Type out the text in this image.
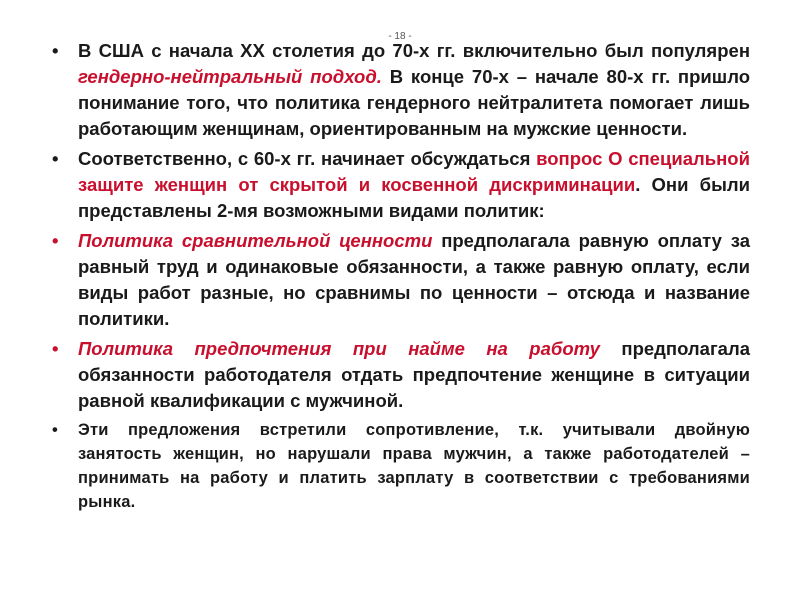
- 18 -
• В США с начала XX столетия до 70-х гг. включительно был популярен гендерно-нейтральный подход. В конце 70-х – начале 80-х гг. пришло понимание того, что политика гендерного нейтралитета помогает лишь работающим женщинам, ориентированным на мужские ценности.
• Соответственно, с 60-х гг. начинает обсуждаться вопрос О специальной защите женщин от скрытой и косвенной дискриминации. Они были представлены 2-мя возможными видами политик:
• Политика сравнительной ценности предполагала равную оплату за равный труд и одинаковые обязанности, а также равную оплату, если виды работ разные, но сравнимы по ценности – отсюда и название политики.
• Политика предпочтения при найме на работу предполагала обязанности работодателя отдать предпочтение женщине в ситуации равной квалификации с мужчиной.
• Эти предложения встретили сопротивление, т.к. учитывали двойную занятость женщин, но нарушали права мужчин, а также работодателей – принимать на работу и платить зарплату в соответствии с требованиями рынка.
